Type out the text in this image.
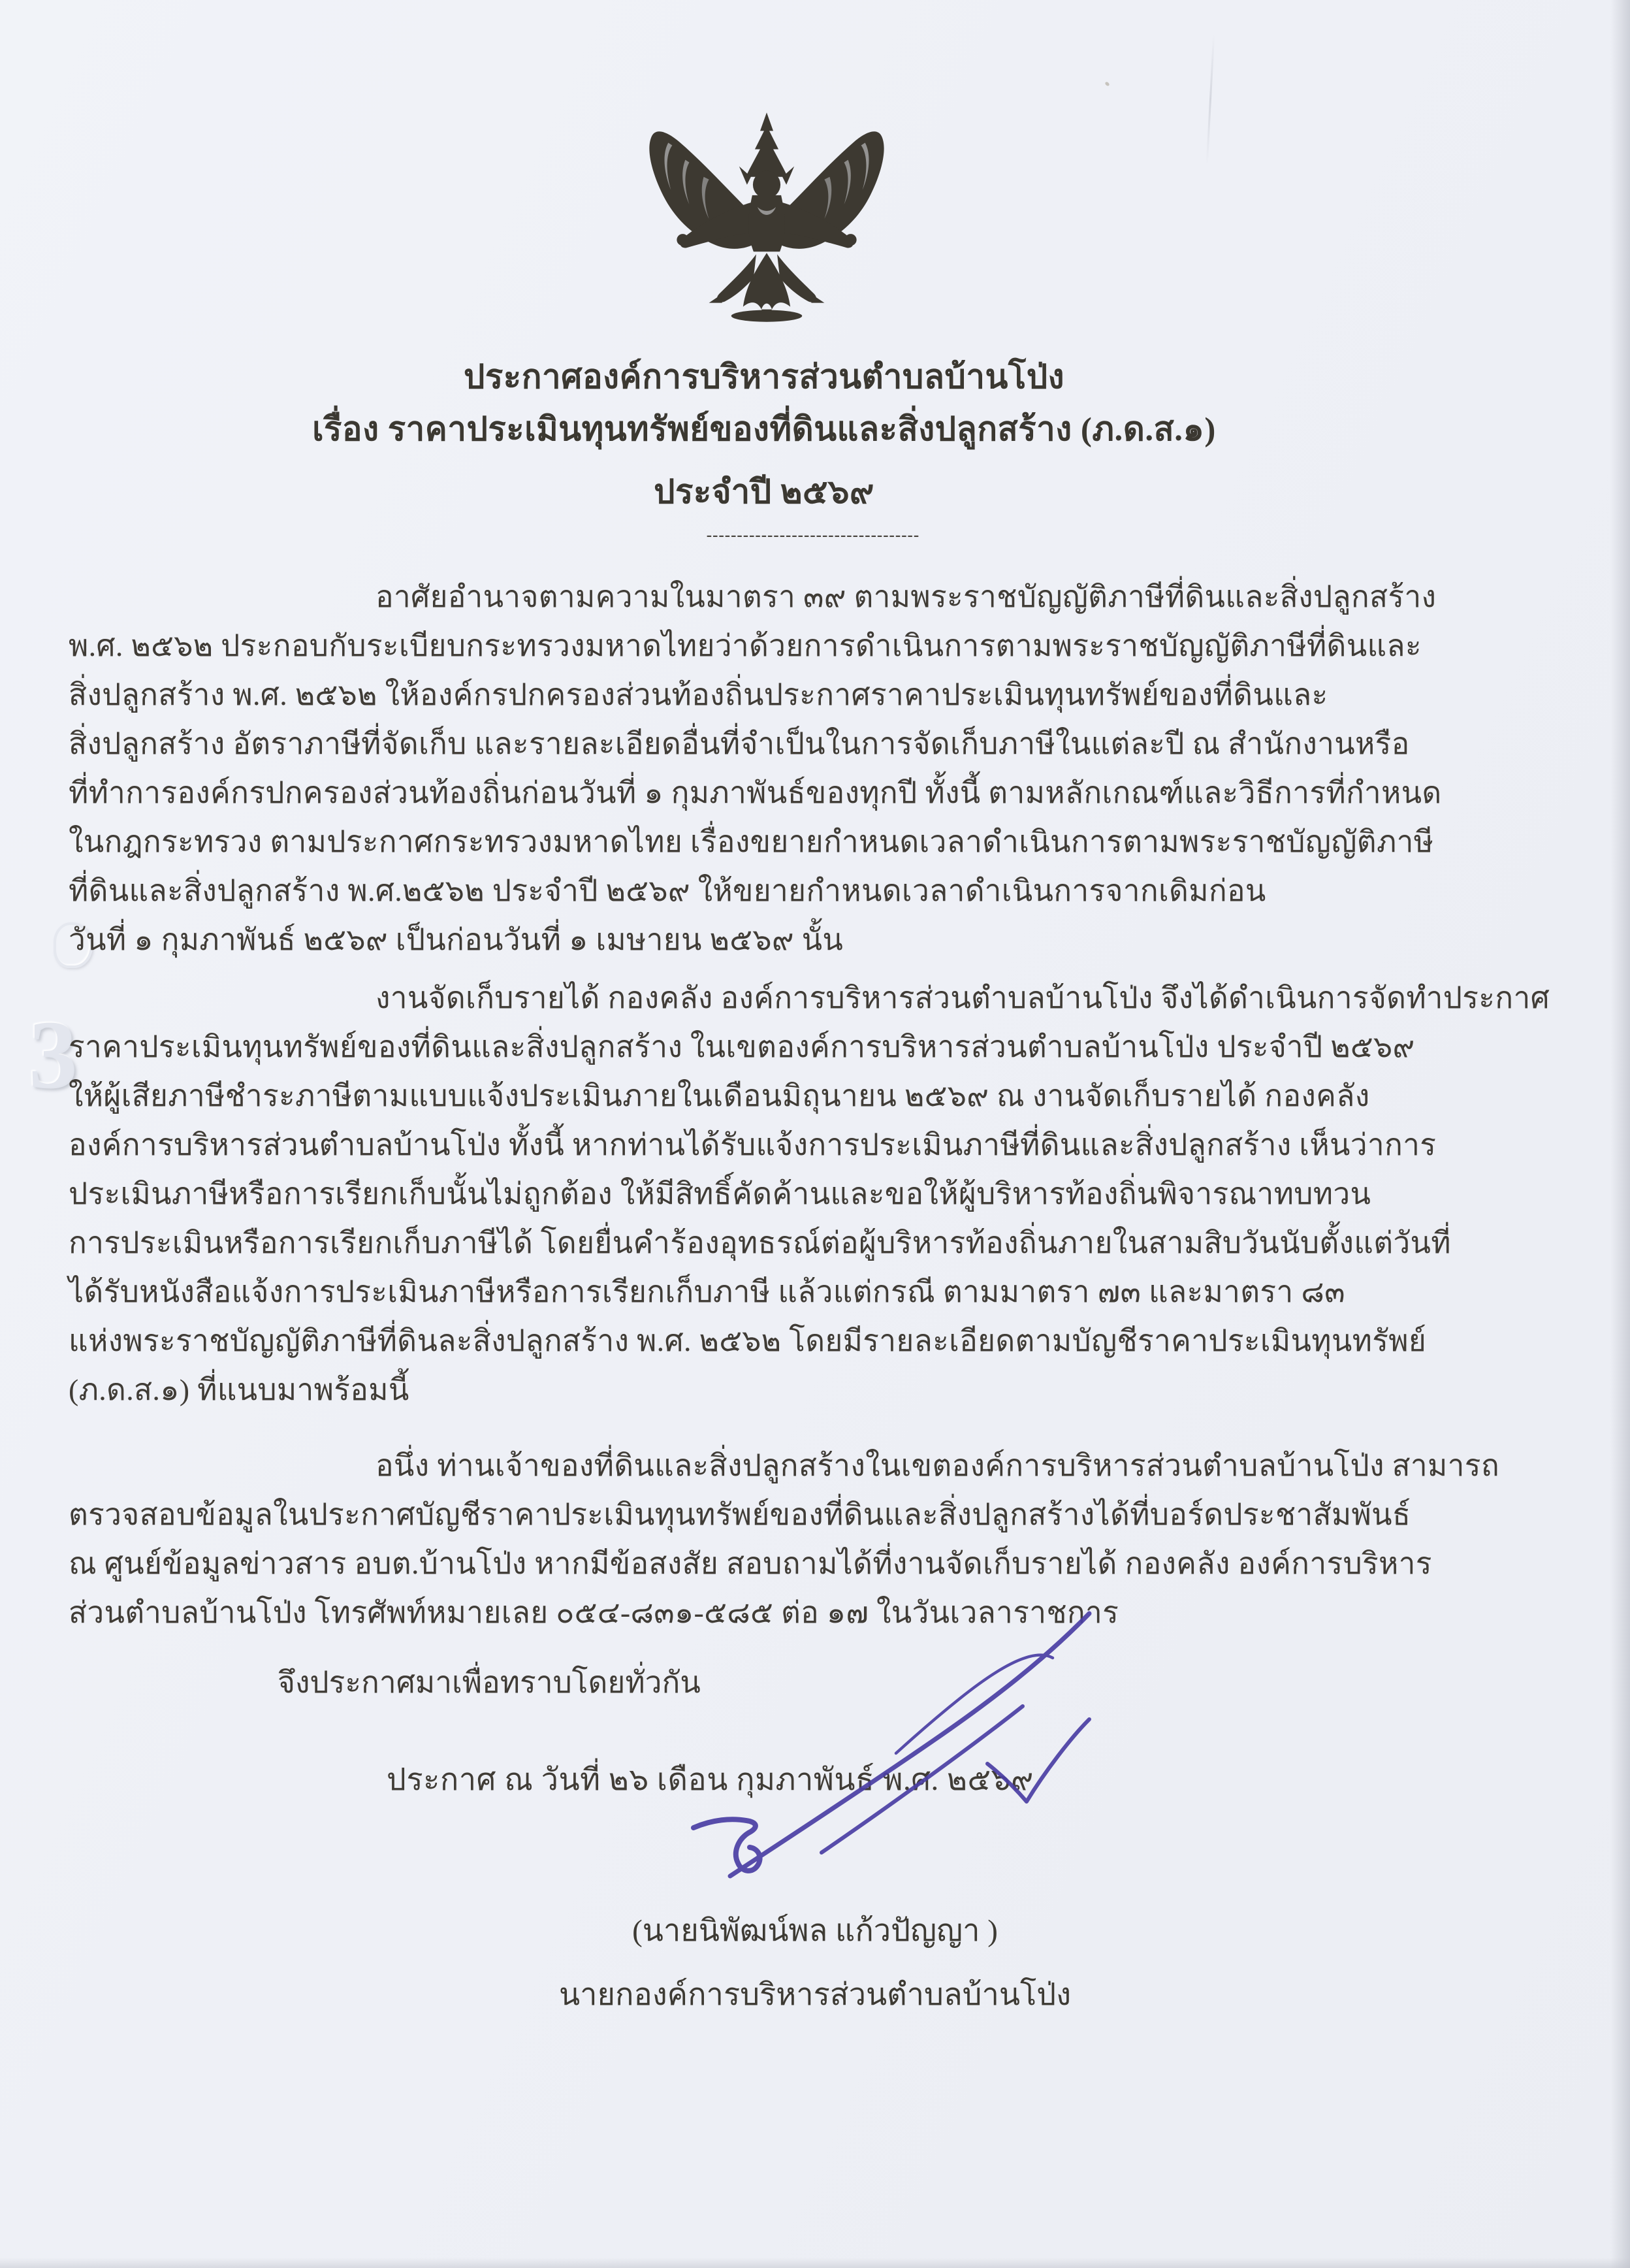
3
ประกาศองค์การบริหารส่วนตำบลบ้านโป่ง
เรื่อง ราคาประเมินทุนทรัพย์ของที่ดินและสิ่งปลูกสร้าง (ภ.ด.ส.๑)
ประจำปี ๒๕๖๙
-----------------------------------
อาศัยอำนาจตามความในมาตรา ๓๙ ตามพระราชบัญญัติภาษีที่ดินและสิ่งปลูกสร้าง
พ.ศ. ๒๕๖๒ ประกอบกับระเบียบกระทรวงมหาดไทยว่าด้วยการดำเนินการตามพระราชบัญญัติภาษีที่ดินและ
สิ่งปลูกสร้าง พ.ศ. ๒๕๖๒ ให้องค์กรปกครองส่วนท้องถิ่นประกาศราคาประเมินทุนทรัพย์ของที่ดินและ
สิ่งปลูกสร้าง อัตราภาษีที่จัดเก็บ และรายละเอียดอื่นที่จำเป็นในการจัดเก็บภาษีในแต่ละปี ณ สำนักงานหรือ
ที่ทำการองค์กรปกครองส่วนท้องถิ่นก่อนวันที่ ๑ กุมภาพันธ์ของทุกปี ทั้งนี้ ตามหลักเกณฑ์และวิธีการที่กำหนด
ในกฎกระทรวง ตามประกาศกระทรวงมหาดไทย เรื่องขยายกำหนดเวลาดำเนินการตามพระราชบัญญัติภาษี
ที่ดินและสิ่งปลูกสร้าง พ.ศ.๒๕๖๒ ประจำปี ๒๕๖๙ ให้ขยายกำหนดเวลาดำเนินการจากเดิมก่อน
วันที่ ๑ กุมภาพันธ์ ๒๕๖๙ เป็นก่อนวันที่ ๑ เมษายน ๒๕๖๙ นั้น
งานจัดเก็บรายได้ กองคลัง องค์การบริหารส่วนตำบลบ้านโป่ง จึงได้ดำเนินการจัดทำประกาศ
ราคาประเมินทุนทรัพย์ของที่ดินและสิ่งปลูกสร้าง ในเขตองค์การบริหารส่วนตำบลบ้านโป่ง ประจำปี ๒๕๖๙
ให้ผู้เสียภาษีชำระภาษีตามแบบแจ้งประเมินภายในเดือนมิถุนายน ๒๕๖๙ ณ งานจัดเก็บรายได้ กองคลัง
องค์การบริหารส่วนตำบลบ้านโป่ง ทั้งนี้ หากท่านได้รับแจ้งการประเมินภาษีที่ดินและสิ่งปลูกสร้าง เห็นว่าการ
ประเมินภาษีหรือการเรียกเก็บนั้นไม่ถูกต้อง ให้มีสิทธิ์คัดค้านและขอให้ผู้บริหารท้องถิ่นพิจารณาทบทวน
การประเมินหรือการเรียกเก็บภาษีได้ โดยยื่นคำร้องอุทธรณ์ต่อผู้บริหารท้องถิ่นภายในสามสิบวันนับตั้งแต่วันที่
ได้รับหนังสือแจ้งการประเมินภาษีหรือการเรียกเก็บภาษี แล้วแต่กรณี ตามมาตรา ๗๓ และมาตรา ๘๓
แห่งพระราชบัญญัติภาษีที่ดินละสิ่งปลูกสร้าง พ.ศ. ๒๕๖๒ โดยมีรายละเอียดตามบัญชีราคาประเมินทุนทรัพย์
(ภ.ด.ส.๑) ที่แนบมาพร้อมนี้
อนึ่ง ท่านเจ้าของที่ดินและสิ่งปลูกสร้างในเขตองค์การบริหารส่วนตำบลบ้านโป่ง สามารถ
ตรวจสอบข้อมูลในประกาศบัญชีราคาประเมินทุนทรัพย์ของที่ดินและสิ่งปลูกสร้างได้ที่บอร์ดประชาสัมพันธ์
ณ ศูนย์ข้อมูลข่าวสาร อบต.บ้านโป่ง หากมีข้อสงสัย สอบถามได้ที่งานจัดเก็บรายได้ กองคลัง องค์การบริหาร
ส่วนตำบลบ้านโป่ง โทรศัพท์หมายเลย ๐๕๔-๘๓๑-๕๘๕ ต่อ ๑๗ ในวันเวลาราชการ
จึงประกาศมาเพื่อทราบโดยทั่วกัน
ประกาศ ณ วันที่ ๒๖ เดือน กุมภาพันธ์ พ.ศ. ๒๕๖๙
(นายนิพัฒน์พล แก้วปัญญา )
นายกองค์การบริหารส่วนตำบลบ้านโป่ง
